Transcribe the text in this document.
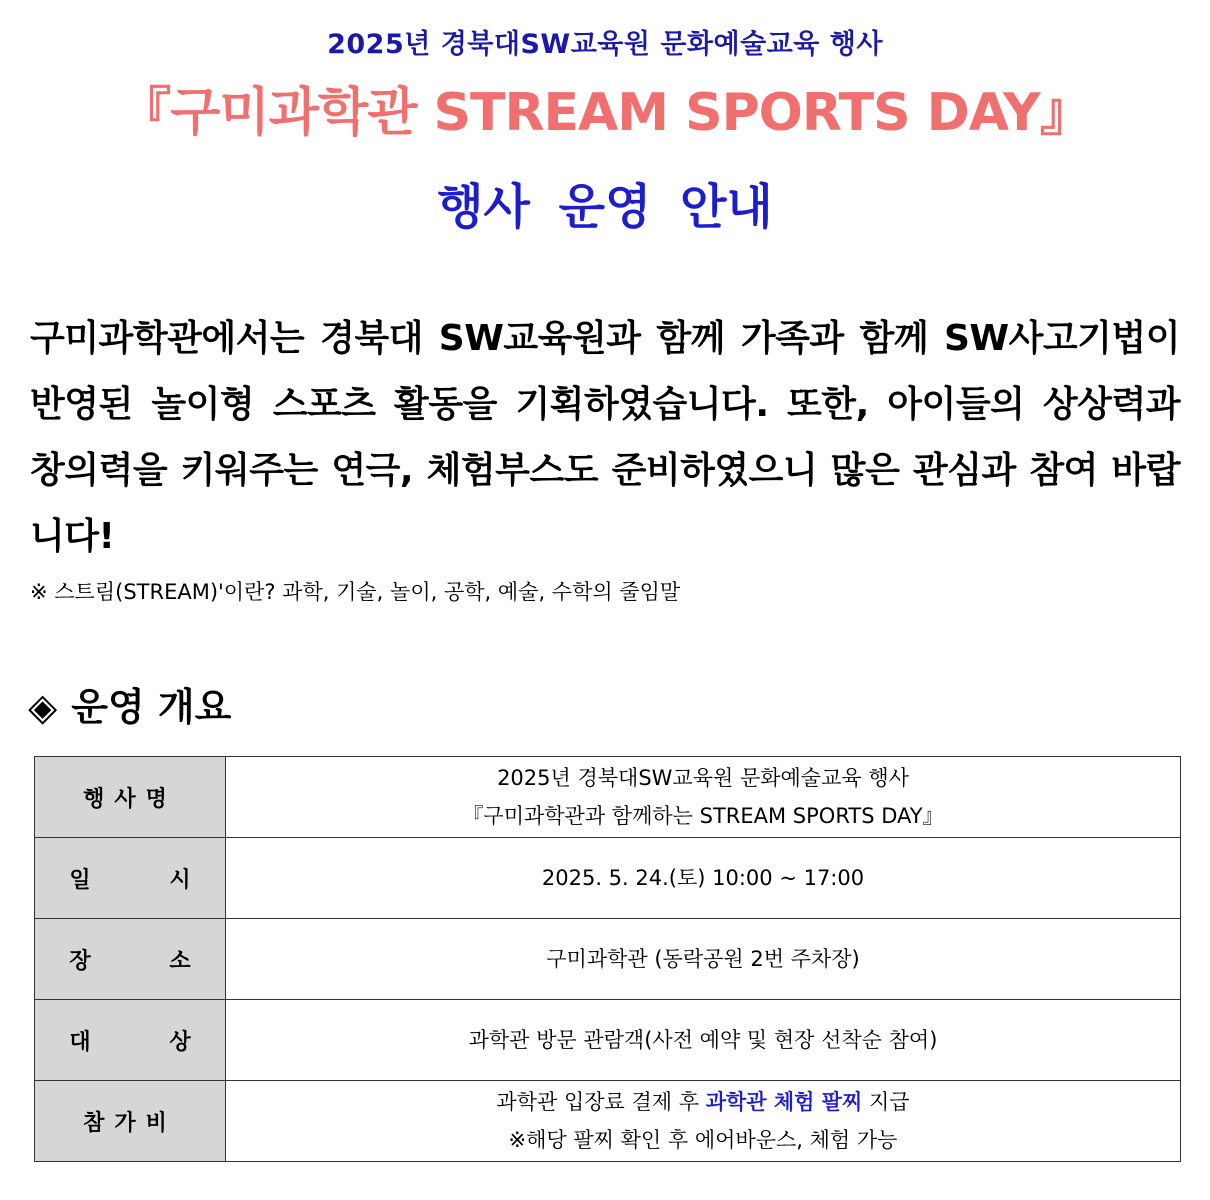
2025년 경북대SW교육원 문화예술교육 행사
『구미과학관 STREAM SPORTS DAY』
행사 운영 안내
구미과학관에서는 경북대 SW교육원과 함께 가족과 함께 SW사고기법이 반영된 놀이형 스포츠 활동을 기획하였습니다. 또한, 아이들의 상상력과 창의력을 키워주는 연극, 체험부스도 준비하였으니 많은 관심과 참여 바랍니다!
※ 스트림(STREAM)'이란? 과학, 기술, 놀이, 공학, 예술, 수학의 줄임말
◈ 운영 개요
행사명	2025년 경북대SW교육원 문화예술교육 행사
『구미과학관과 함께하는 STREAM SPORTS DAY』

일 시	2025. 5. 24.(토) 10:00 ~ 17:00
장 소	구미과학관 (동락공원 2번 주차장)
대 상	과학관 방문 관람객(사전 예약 및 현장 선착순 참여)
참가비	과학관 입장료 결제 후 과학관 체험 팔찌 지급
※해당 팔찌 확인 후 에어바운스, 체험 가능
